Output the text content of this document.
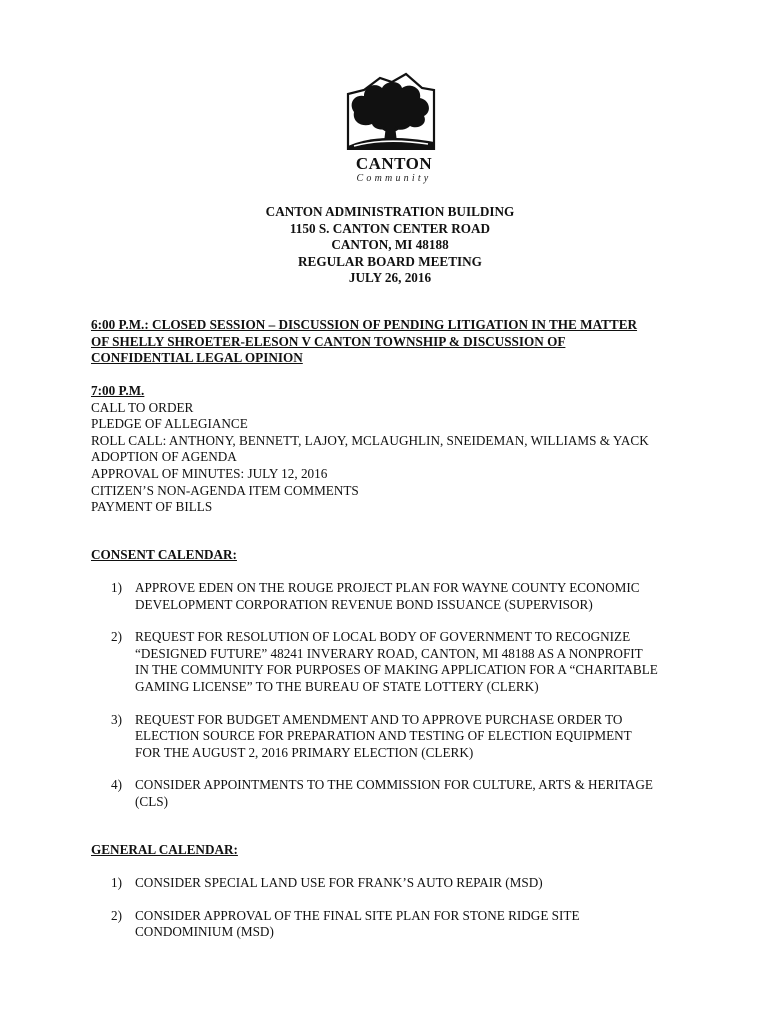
CANTON
Community
CANTON ADMINISTRATION BUILDING
1150 S. CANTON CENTER ROAD
CANTON, MI 48188
REGULAR BOARD MEETING
JULY 26, 2016
6:00 P.M.: CLOSED SESSION – DISCUSSION OF PENDING LITIGATION IN THE MATTER
OF SHELLY SHROETER-ELESON V CANTON TOWNSHIP & DISCUSSION OF
CONFIDENTIAL LEGAL OPINION
7:00 P.M.
CALL TO ORDER
PLEDGE OF ALLEGIANCE
ROLL CALL: ANTHONY, BENNETT, LAJOY, MCLAUGHLIN, SNEIDEMAN, WILLIAMS & YACK
ADOPTION OF AGENDA
APPROVAL OF MINUTES: JULY 12, 2016
CITIZEN’S NON-AGENDA ITEM COMMENTS
PAYMENT OF BILLS
CONSENT CALENDAR:
1) APPROVE EDEN ON THE ROUGE PROJECT PLAN FOR WAYNE COUNTY ECONOMIC
DEVELOPMENT CORPORATION REVENUE BOND ISSUANCE (SUPERVISOR)
2) REQUEST FOR RESOLUTION OF LOCAL BODY OF GOVERNMENT TO RECOGNIZE
“DESIGNED FUTURE” 48241 INVERARY ROAD, CANTON, MI 48188 AS A NONPROFIT
IN THE COMMUNITY FOR PURPOSES OF MAKING APPLICATION FOR A “CHARITABLE
GAMING LICENSE” TO THE BUREAU OF STATE LOTTERY (CLERK)
3) REQUEST FOR BUDGET AMENDMENT AND TO APPROVE PURCHASE ORDER TO
ELECTION SOURCE FOR PREPARATION AND TESTING OF ELECTION EQUIPMENT
FOR THE AUGUST 2, 2016 PRIMARY ELECTION (CLERK)
4) CONSIDER APPOINTMENTS TO THE COMMISSION FOR CULTURE, ARTS & HERITAGE
(CLS)
GENERAL CALENDAR:
1) CONSIDER SPECIAL LAND USE FOR FRANK’S AUTO REPAIR (MSD)
2) CONSIDER APPROVAL OF THE FINAL SITE PLAN FOR STONE RIDGE SITE
CONDOMINIUM (MSD)
